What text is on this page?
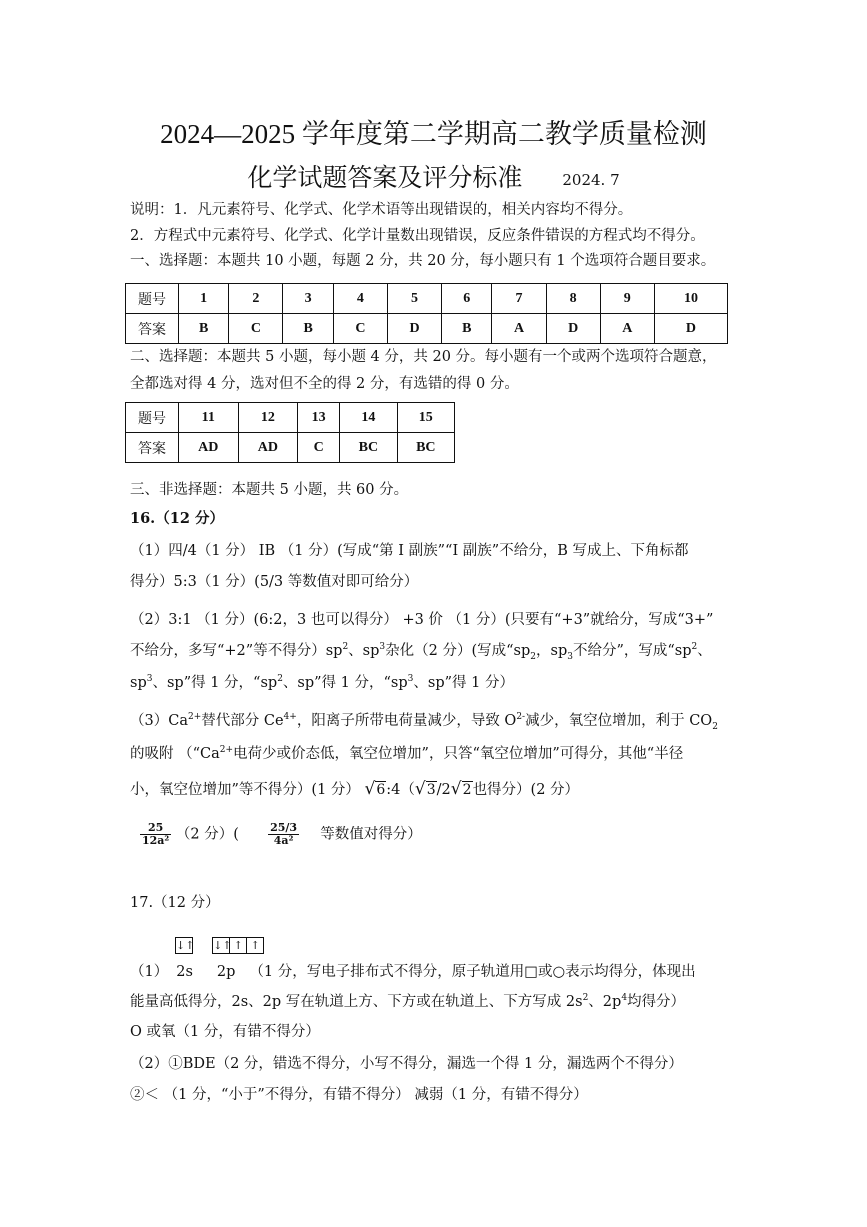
2024—2025 学年度第二学期高二教学质量检测
化学试题答案及评分标准	2024. 7
说明：1．凡元素符号、化学式、化学术语等出现错误的，相关内容均不得分。
2．方程式中元素符号、化学式、化学计量数出现错误，反应条件错误的方程式均不得分。
一、选择题：本题共 10 小题，每题 2 分，共 20 分，每小题只有 1 个选项符合题目要求。
题号	1	2	3	4	5	6	7	8	9	10
答案	B	C	B	C	D	B	A	D	A	D
二、选择题：本题共 5 小题，每小题 4 分，共 20 分。每小题有一个或两个选项符合题意，
全都选对得 4 分，选对但不全的得 2 分，有选错的得 0 分。
题号	11	12	13	14	15
答案	AD	AD	C	BC	BC
三、非选择题：本题共 5 小题，共 60 分。
16.（12 分）
（1）四/4（1 分） IB （1 分）(写成“第 I 副族”“I 副族”不给分，B 写成上、下角标都
得分）5:3（1 分）(5/3 等数值对即可给分）
（2）3:1 （1 分）(6:2，3 也可以得分） +3 价 （1 分）(只要有“+3”就给分，写成“3+”
不给分，多写“+2”等不得分）$sp^2$、$sp^3$杂化（2 分）(写成“$sp_2$，$sp_3$不给分”，写成“$sp^2$、
$sp^3$、sp”得 1 分，“$sp^2$、sp”得 1 分，“$sp^3$、sp”得 1 分）
$(3)Ca^{2+}$替代部分 $Ce^{4+}$，阳离子所带电荷量减少，导致 $O^{2-}$减少，氧空位增加，利于 $CO_2$
的吸附 （“$Ca^{2+}$电荷少或价态低，氧空位增加”，只答“氧空位增加”可得分，其他“半径
小，氧空位增加”等不得分）(1 分） √6:4（√3/2√2也得分）(2 分）
$\frac{25}{\text{12a²}} (2$ 分）(	$\frac{25/3}{\text{4a²}}$ 等数值对得分）
17.（12 分）
↓↑ ↓↑ ↑ ↑
（1） 2s 2p （1 分，写电子排布式不得分，原子轨道用□或○表示均得分，体现出
能量高低得分，2s、2p 写在轨道上方、下方或在轨道上、下方写成 $2s^2$、$2p^4$均得分）
O 或氧（1 分，有错不得分）
（2）①BDE（2 分，错选不得分，小写不得分，漏选一个得 1 分，漏选两个不得分）
②＜ （1 分，“小于”不得分，有错不得分） 减弱（1 分，有错不得分）
